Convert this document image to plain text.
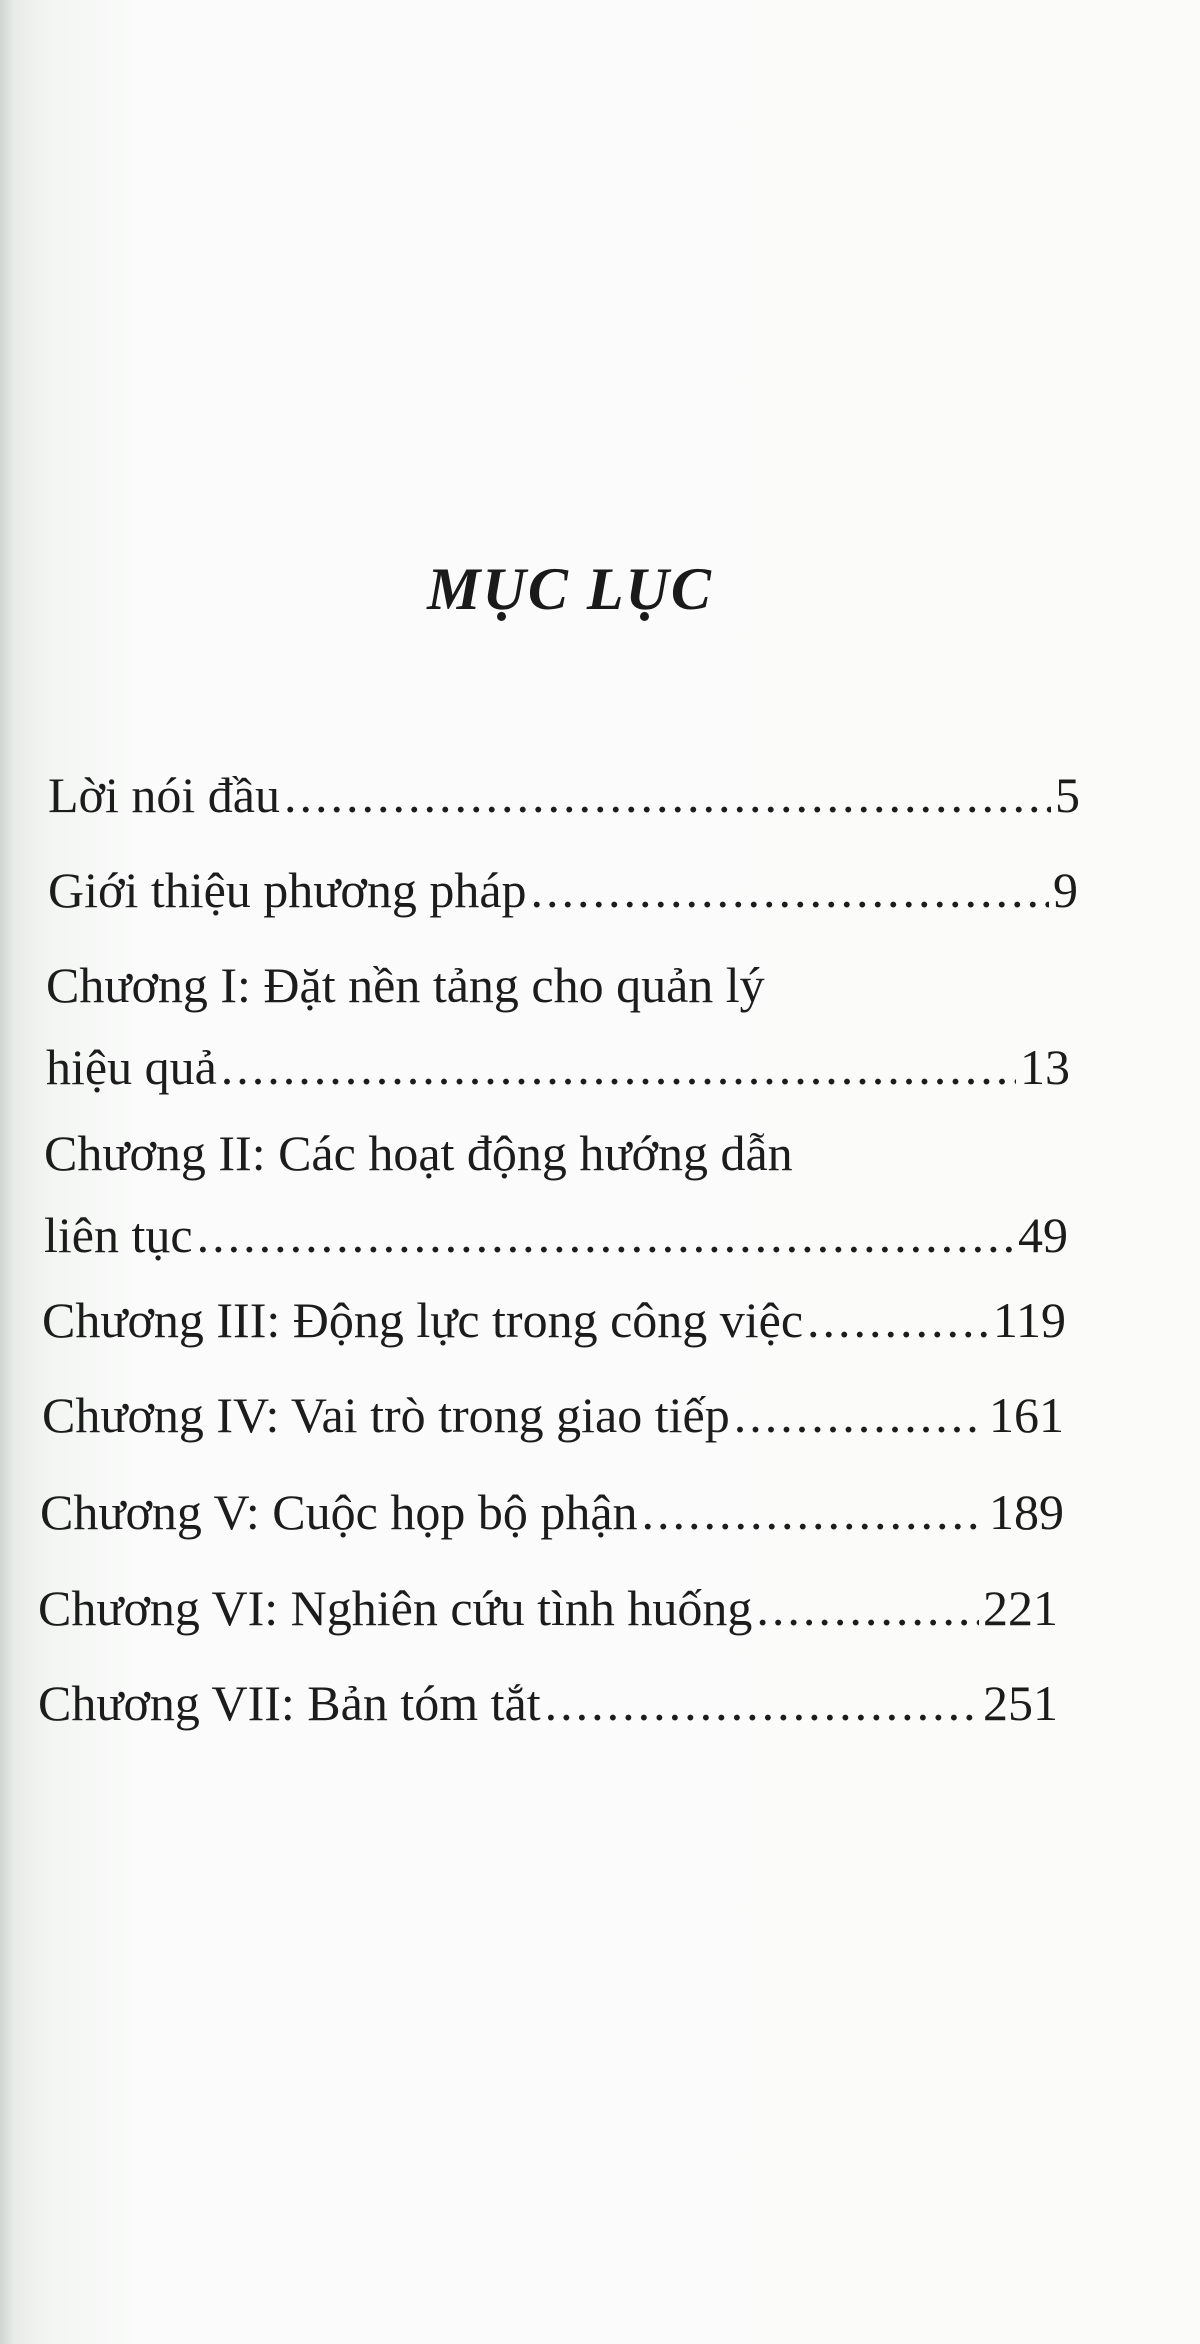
MỤC LỤC
Lời nói đầu .....	5
Giới thiệu phương pháp .....	9
Chương I: Đặt nền tảng cho quản lý
hiệu quả .....	13
Chương II: Các hoạt động hướng dẫn
liên tục .....	49
Chương III: Động lực trong công việc .....	119
Chương IV: Vai trò trong giao tiếp .....	161
Chương V: Cuộc họp bộ phận .....	189
Chương VI: Nghiên cứu tình huống .....	221
Chương VII: Bản tóm tắt .....	251
